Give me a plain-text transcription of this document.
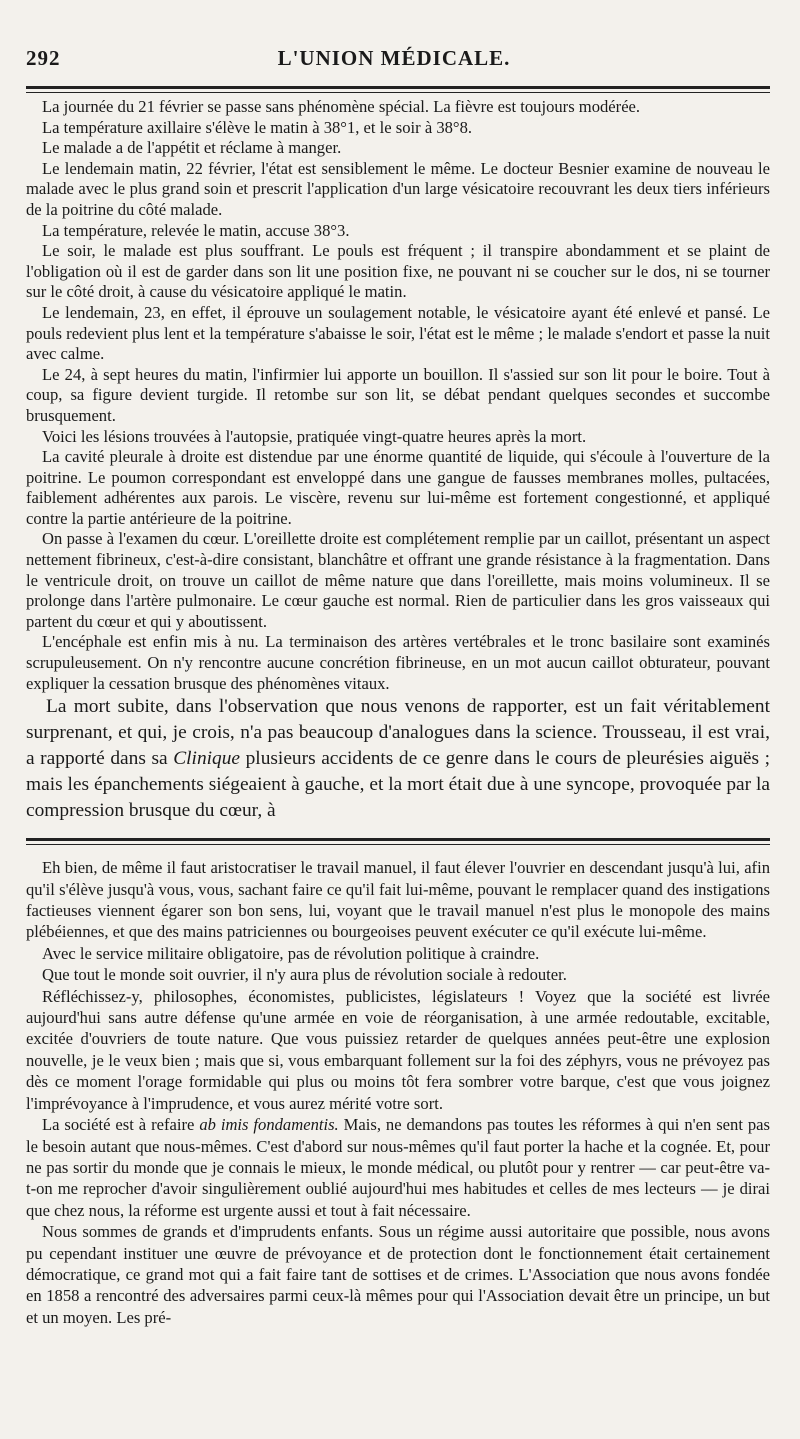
292	L'UNION MÉDICALE.

La journée du 21 février se passe sans phénomène spécial. La fièvre est toujours modérée.

La température axillaire s'élève le matin à 38°1, et le soir à 38°8.

Le malade a de l'appétit et réclame à manger.

Le lendemain matin, 22 février, l'état est sensiblement le même. Le docteur Besnier examine de nouveau le malade avec le plus grand soin et prescrit l'application d'un large vésicatoire recouvrant les deux tiers inférieurs de la poitrine du côté malade.

La température, relevée le matin, accuse 38°3.

Le soir, le malade est plus souffrant. Le pouls est fréquent ; il transpire abondamment et se plaint de l'obligation où il est de garder dans son lit une position fixe, ne pouvant ni se coucher sur le dos, ni se tourner sur le côté droit, à cause du vésicatoire appliqué le matin.

Le lendemain, 23, en effet, il éprouve un soulagement notable, le vésicatoire ayant été enlevé et pansé. Le pouls redevient plus lent et la température s'abaisse le soir, l'état est le même ; le malade s'endort et passe la nuit avec calme.

Le 24, à sept heures du matin, l'infirmier lui apporte un bouillon. Il s'assied sur son lit pour le boire. Tout à coup, sa figure devient turgide. Il retombe sur son lit, se débat pendant quelques secondes et succombe brusquement.

Voici les lésions trouvées à l'autopsie, pratiquée vingt-quatre heures après la mort.

La cavité pleurale à droite est distendue par une énorme quantité de liquide, qui s'écoule à l'ouverture de la poitrine. Le poumon correspondant est enveloppé dans une gangue de fausses membranes molles, pultacées, faiblement adhérentes aux parois. Le viscère, revenu sur lui-même est fortement congestionné, et appliqué contre la partie antérieure de la poitrine.

On passe à l'examen du cœur. L'oreillette droite est complétement remplie par un caillot, présentant un aspect nettement fibrineux, c'est-à-dire consistant, blanchâtre et offrant une grande résistance à la fragmentation. Dans le ventricule droit, on trouve un caillot de même nature que dans l'oreillette, mais moins volumineux. Il se prolonge dans l'artère pulmonaire. Le cœur gauche est normal. Rien de particulier dans les gros vaisseaux qui partent du cœur et qui y aboutissent.

L'encéphale est enfin mis à nu. La terminaison des artères vertébrales et le tronc basilaire sont examinés scrupuleusement. On n'y rencontre aucune concrétion fibrineuse, en un mot aucun caillot obturateur, pouvant expliquer la cessation brusque des phénomènes vitaux.

La mort subite, dans l'observation que nous venons de rapporter, est un fait véritablement surprenant, et qui, je crois, n'a pas beaucoup d'analogues dans la science. Trousseau, il est vrai, a rapporté dans sa Clinique plusieurs accidents de ce genre dans le cours de pleurésies aiguës ; mais les épanchements siégeaient à gauche, et la mort était due à une syncope, provoquée par la compression brusque du cœur, à

Eh bien, de même il faut aristocratiser le travail manuel, il faut élever l'ouvrier en descendant jusqu'à lui, afin qu'il s'élève jusqu'à vous, vous, sachant faire ce qu'il fait lui-même, pouvant le remplacer quand des instigations factieuses viennent égarer son bon sens, lui, voyant que le travail manuel n'est plus le monopole des mains plébéiennes, et que des mains patriciennes ou bourgeoises peuvent exécuter ce qu'il exécute lui-même.

Avec le service militaire obligatoire, pas de révolution politique à craindre.

Que tout le monde soit ouvrier, il n'y aura plus de révolution sociale à redouter.

Réfléchissez-y, philosophes, économistes, publicistes, législateurs ! Voyez que la société est livrée aujourd'hui sans autre défense qu'une armée en voie de réorganisation, à une armée redoutable, excitable, excitée d'ouvriers de toute nature. Que vous puissiez retarder de quelques années peut-être une explosion nouvelle, je le veux bien ; mais que si, vous embarquant follement sur la foi des zéphyrs, vous ne prévoyez pas dès ce moment l'orage formidable qui plus ou moins tôt fera sombrer votre barque, c'est que vous joignez l'imprévoyance à l'imprudence, et vous aurez mérité votre sort.

La société est à refaire ab imis fondamentis. Mais, ne demandons pas toutes les réformes à qui n'en sent pas le besoin autant que nous-mêmes. C'est d'abord sur nous-mêmes qu'il faut porter la hache et la cognée. Et, pour ne pas sortir du monde que je connais le mieux, le monde médical, ou plutôt pour y rentrer — car peut-être va-t-on me reprocher d'avoir singulièrement oublié aujourd'hui mes habitudes et celles de mes lecteurs — je dirai que chez nous, la réforme est urgente aussi et tout à fait nécessaire.

Nous sommes de grands et d'imprudents enfants. Sous un régime aussi autoritaire que possible, nous avons pu cependant instituer une œuvre de prévoyance et de protection dont le fonctionnement était certainement démocratique, ce grand mot qui a fait faire tant de sottises et de crimes. L'Association que nous avons fondée en 1858 a rencontré des adversaires parmi ceux-là mêmes pour qui l'Association devait être un principe, un but et un moyen. Les pré-
